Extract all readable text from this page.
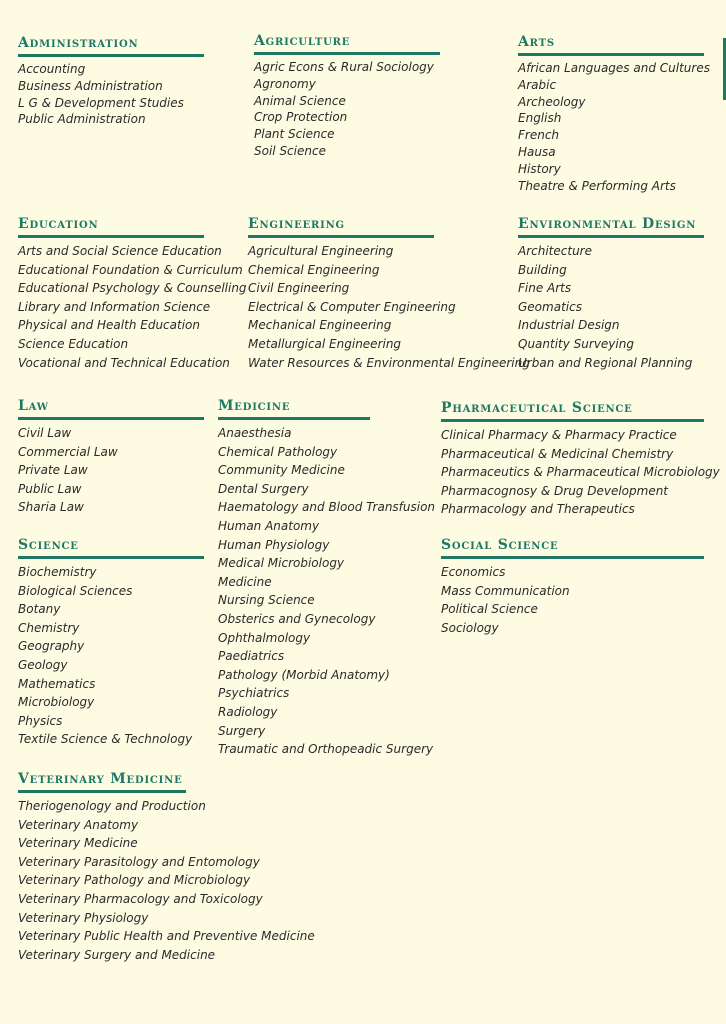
Administration
Accounting
Business Administration
L G & Development Studies
Public Administration
Agriculture
Agric Econs & Rural Sociology
Agronomy
Animal Science
Crop Protection
Plant Science
Soil Science
Arts
African Languages and Cultures
Arabic
Archeology
English
French
Hausa
History
Theatre & Performing Arts
Education
Arts and Social Science Education
Educational Foundation & Curriculum
Educational Psychology & Counselling
Library and Information Science
Physical and Health Education
Science Education
Vocational and Technical Education
Engineering
Agricultural Engineering
Chemical Engineering
Civil Engineering
Electrical & Computer Engineering
Mechanical Engineering
Metallurgical Engineering
Water Resources & Environmental Engineering
Environmental Design
Architecture
Building
Fine Arts
Geomatics
Industrial Design
Quantity Surveying
Urban and Regional Planning
Law
Civil Law
Commercial Law
Private Law
Public Law
Sharia Law
Medicine
Anaesthesia
Chemical Pathology
Community Medicine
Dental Surgery
Haematology and Blood Transfusion
Human Anatomy
Human Physiology
Medical Microbiology
Medicine
Nursing Science
Obsterics and Gynecology
Ophthalmology
Paediatrics
Pathology (Morbid Anatomy)
Psychiatrics
Radiology
Surgery
Traumatic and Orthopeadic Surgery
Pharmaceutical Science
Clinical Pharmacy & Pharmacy Practice
Pharmaceutical & Medicinal Chemistry
Pharmaceutics & Pharmaceutical Microbiology
Pharmacognosy & Drug Development
Pharmacology and Therapeutics
Science
Biochemistry
Biological Sciences
Botany
Chemistry
Geography
Geology
Mathematics
Microbiology
Physics
Textile Science & Technology
Social Science
Economics
Mass Communication
Political Science
Sociology
Veterinary Medicine
Theriogenology and Production
Veterinary Anatomy
Veterinary Medicine
Veterinary Parasitology and Entomology
Veterinary Pathology and Microbiology
Veterinary Pharmacology and Toxicology
Veterinary Physiology
Veterinary Public Health and Preventive Medicine
Veterinary Surgery and Medicine
